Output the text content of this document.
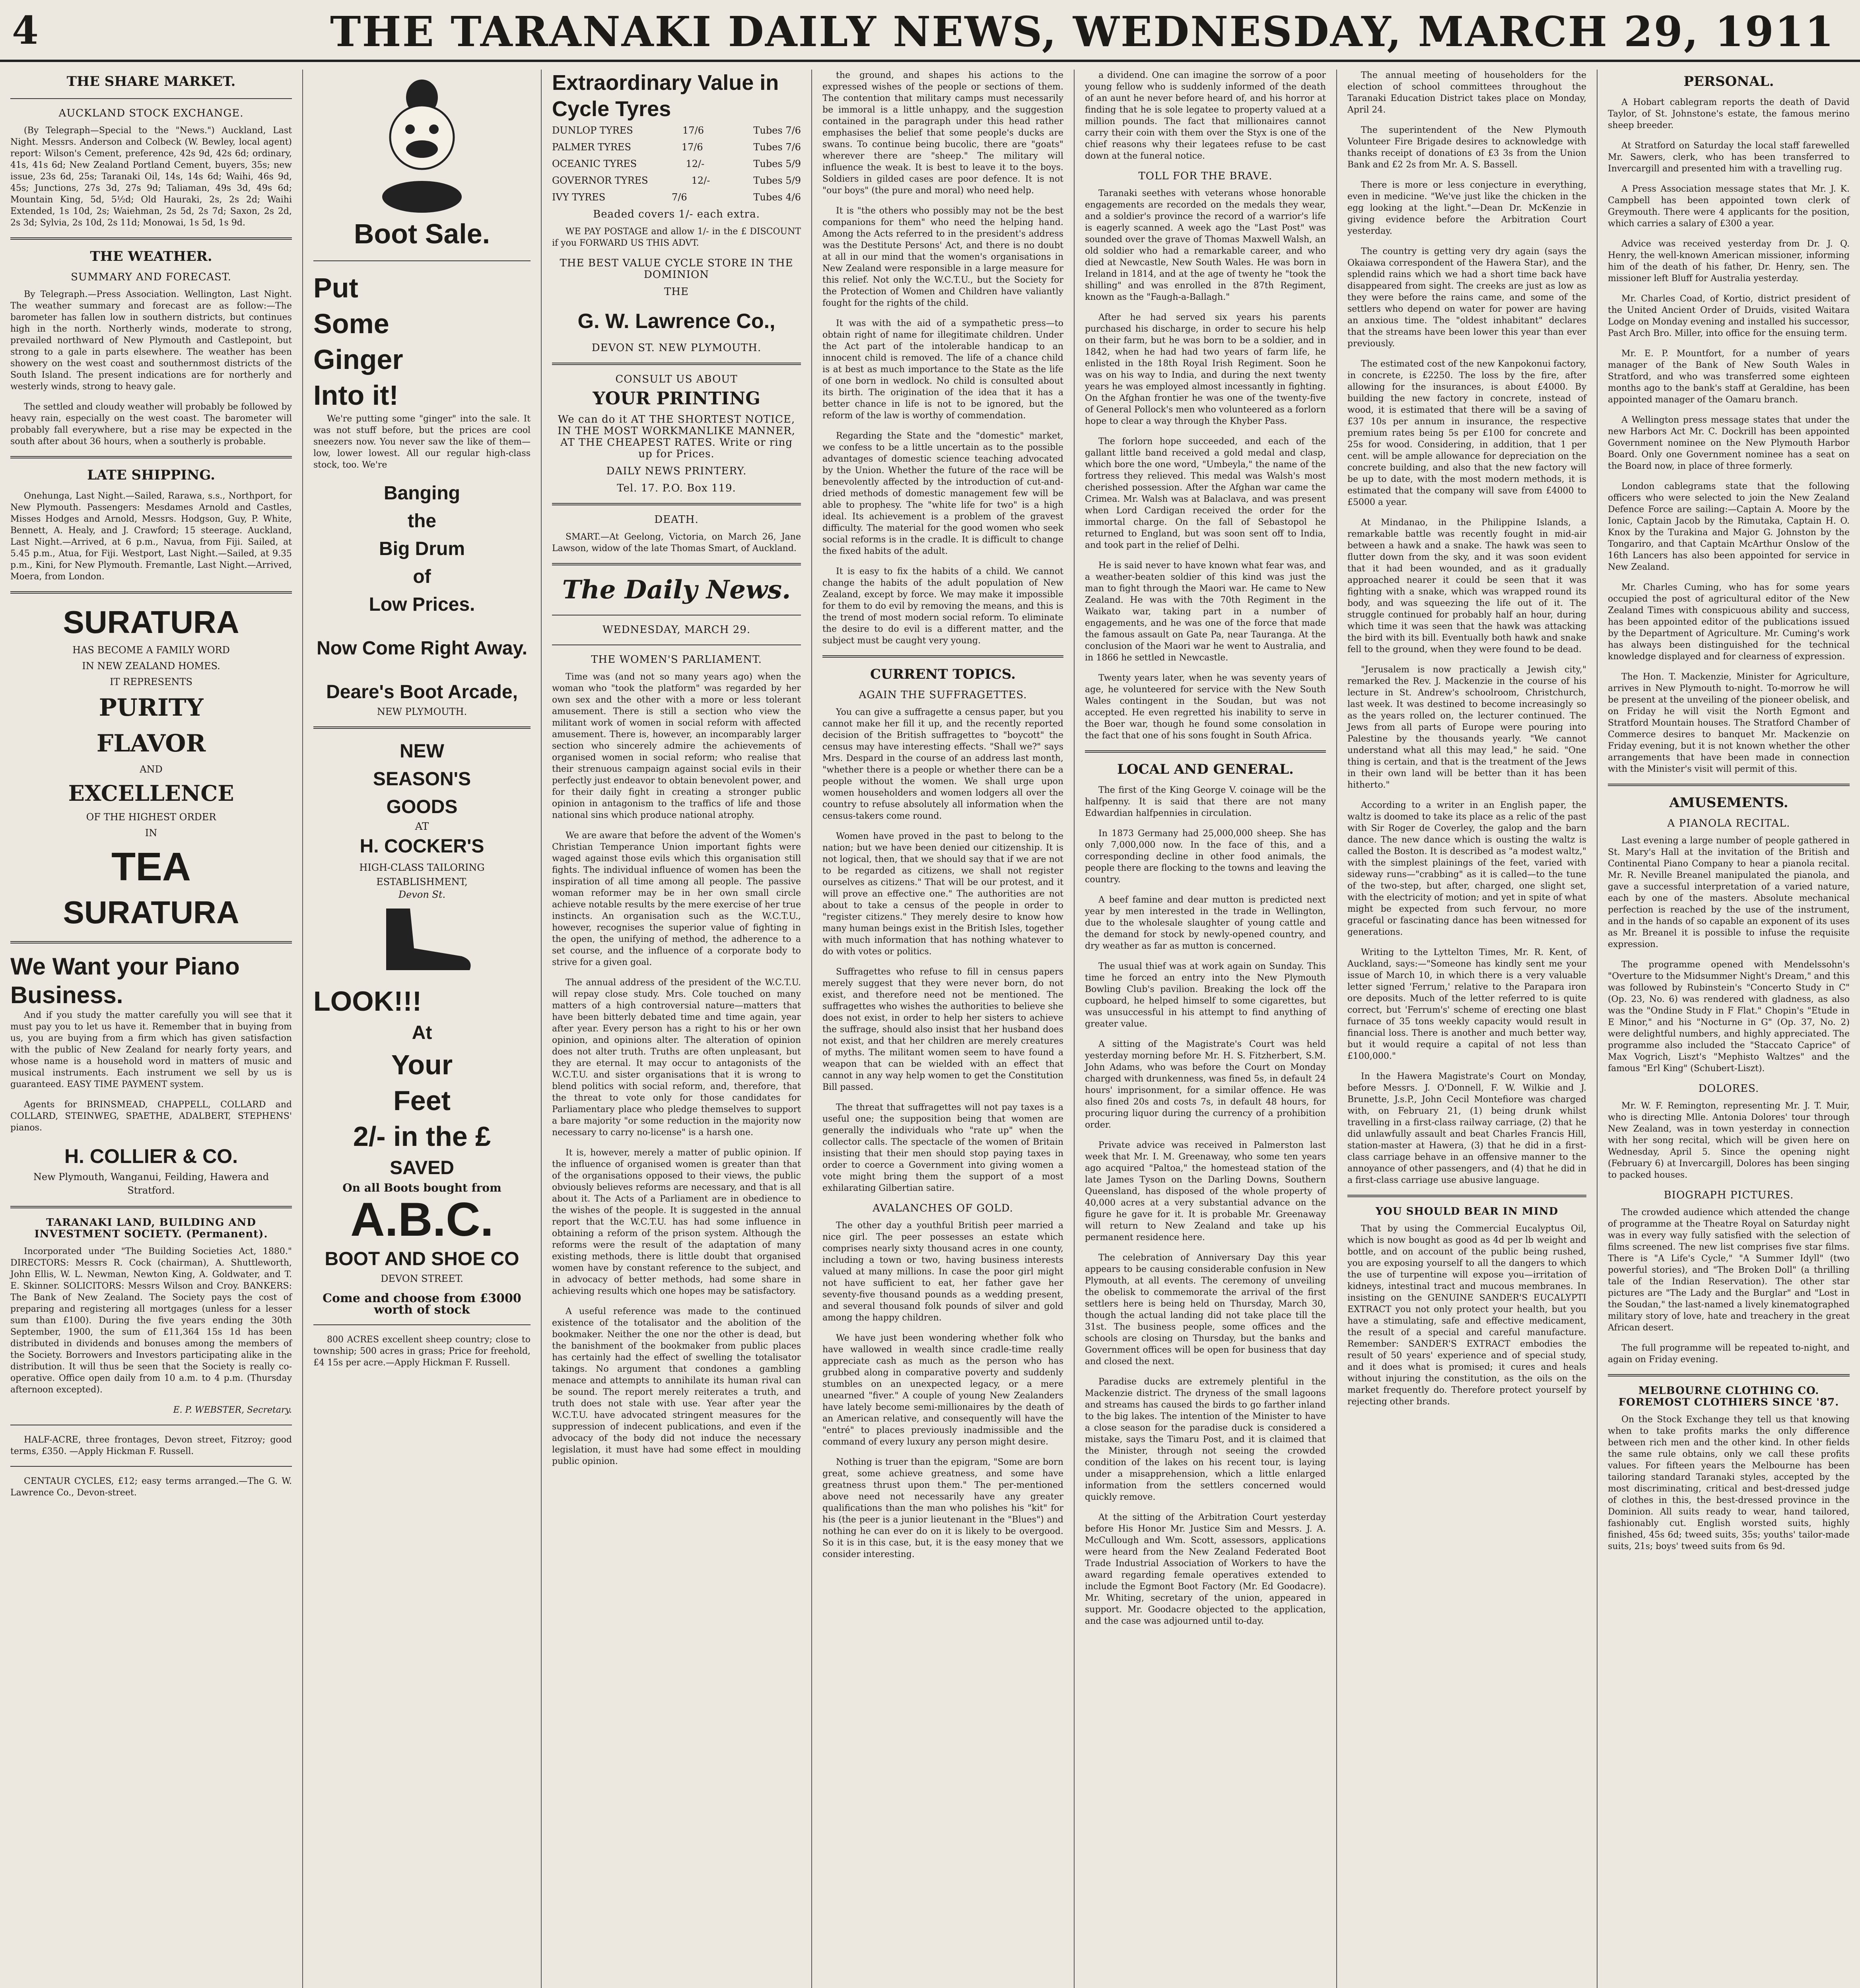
4	THE TARANAKI DAILY NEWS, WEDNESDAY, MARCH 29, 1911
THE SHARE MARKET.
AUCKLAND STOCK EXCHANGE.

(By Telegraph—Special to the "News.") Auckland, Last Night. Messrs. Anderson and Colbeck (W. Bewley, local agent) report: Wilson's Cement, preference, 42s 9d, 42s 6d; ordinary, 41s, 41s 6d; New Zealand Portland Cement, buyers, 35s; new issue, 23s 6d, 25s; Taranaki Oil, 14s, 14s 6d; Waihi, 46s 9d, 45s; Junctions, 27s 3d, 27s 9d; Taliaman, 49s 3d, 49s 6d; Mountain King, 5d, 5½d; Old Hauraki, 2s, 2s 2d; Waihi Extended, 1s 10d, 2s; Waiehman, 2s 5d, 2s 7d; Saxon, 2s 2d, 2s 3d; Sylvia, 2s 10d, 2s 11d; Monowai, 1s 5d, 1s 9d.

THE WEATHER.
SUMMARY AND FORECAST.

By Telegraph.—Press Association. Wellington, Last Night. The weather summary and forecast are as follow:—The barometer has fallen low in southern districts, but continues high in the north. Northerly winds, moderate to strong, prevailed northward of New Plymouth and Castlepoint, but strong to a gale in parts elsewhere. The weather has been showery on the west coast and southernmost districts of the South Island. The present indications are for northerly and westerly winds, strong to heavy gale.

The settled and cloudy weather will probably be followed by heavy rain, especially on the west coast. The barometer will probably fall everywhere, but a rise may be expected in the south after about 36 hours, when a southerly is probable.

LATE SHIPPING.

Onehunga, Last Night.—Sailed, Rarawa, s.s., Northport, for New Plymouth. Passengers: Mesdames Arnold and Castles, Misses Hodges and Arnold, Messrs. Hodgson, Guy, P. White, Bennett, A. Healy, and J. Crawford; 15 steerage. Auckland, Last Night.—Arrived, at 6 p.m., Navua, from Fiji. Sailed, at 5.45 p.m., Atua, for Fiji. Westport, Last Night.—Sailed, at 9.35 p.m., Kini, for New Plymouth. Fremantle, Last Night.—Arrived, Moera, from London.

SURATURA
HAS BECOME A FAMILY WORD
IN NEW ZEALAND HOMES.
IT REPRESENTS
PURITY
FLAVOR
AND
EXCELLENCE
OF THE HIGHEST ORDER
IN
TEA
SURATURA
We Want your Piano Business.

And if you study the matter carefully you will see that it must pay you to let us have it. Remember that in buying from us, you are buying from a firm which has given satisfaction with the public of New Zealand for nearly forty years, and whose name is a household word in matters of music and musical instruments. Each instrument we sell by us is guaranteed. EASY TIME PAYMENT system.

Agents for BRINSMEAD, CHAPPELL, COLLARD and COLLARD, STEINWEG, SPAETHE, ADALBERT, STEPHENS' pianos.

H. COLLIER & CO.
New Plymouth, Wanganui, Feilding, Hawera and Stratford.
TARANAKI LAND, BUILDING AND INVESTMENT SOCIETY. (Permanent).

Incorporated under "The Building Societies Act, 1880." DIRECTORS: Messrs R. Cock (chairman), A. Shuttleworth, John Ellis, W. L. Newman, Newton King, A. Goldwater, and T. E. Skinner. SOLICITORS: Messrs Wilson and Croy. BANKERS: The Bank of New Zealand. The Society pays the cost of preparing and registering all mortgages (unless for a lesser sum than £100). During the five years ending the 30th September, 1900, the sum of £11,364 15s 1d has been distributed in dividends and bonuses among the members of the Society. Borrowers and Investors participating alike in the distribution. It will thus be seen that the Society is really co-operative. Office open daily from 10 a.m. to 4 p.m. (Thursday afternoon excepted).

E. P. WEBSTER, Secretary.

HALF-ACRE, three frontages, Devon street, Fitzroy; good terms, £350. —Apply Hickman F. Russell.

CENTAUR CYCLES, £12; easy terms arranged.—The G. W. Lawrence Co., Devon-street.

Boot Sale.
Put
Some
Ginger
Into it!

We're putting some "ginger" into the sale. It was not stuff before, but the prices are cool sneezers now. You never saw the like of them—low, lower lowest. All our regular high-class stock, too. We're

Banging
the
Big Drum
of
Low Prices.
Now Come Right Away.
Deare's Boot Arcade,
NEW PLYMOUTH.
NEW
SEASON'S
GOODS
AT
H. COCKER'S
HIGH-CLASS TAILORING ESTABLISHMENT,
Devon St.
LOOK!!!
At
Your
Feet
2/- in the £
SAVED
On all Boots bought from
A.B.C.
BOOT AND SHOE CO
DEVON STREET.
Come and choose from £3000 worth of stock

800 ACRES excellent sheep country; close to township; 500 acres in grass; Price for freehold, £4 15s per acre.—Apply Hickman F. Russell.

Extraordinary Value in Cycle Tyres
DUNLOP TYRES	17/6	Tubes 7/6
PALMER TYRES	17/6	Tubes 7/6
OCEANIC TYRES	12/-	Tubes 5/9
GOVERNOR TYRES	12/-	Tubes 5/9
IVY TYRES	7/6	Tubes 4/6
Beaded covers 1/- each extra.

WE PAY POSTAGE and allow 1/- in the £ DISCOUNT if you FORWARD US THIS ADVT.

THE BEST VALUE CYCLE STORE IN THE DOMINION
THE
G. W. Lawrence Co.,
DEVON ST. NEW PLYMOUTH.
CONSULT US ABOUT
YOUR PRINTING
We can do it AT THE SHORTEST NOTICE, IN THE MOST WORKMANLIKE MANNER, AT THE CHEAPEST RATES. Write or ring up for Prices.
DAILY NEWS PRINTERY.
Tel. 17. P.O. Box 119.
DEATH.

SMART.—At Geelong, Victoria, on March 26, Jane Lawson, widow of the late Thomas Smart, of Auckland.

The Daily News.
WEDNESDAY, MARCH 29.
THE WOMEN'S PARLIAMENT.

Time was (and not so many years ago) when the woman who "took the platform" was regarded by her own sex and the other with a more or less tolerant amusement. There is still a section who view the militant work of women in social reform with affected amusement. There is, however, an incomparably larger section who sincerely admire the achievements of organised women in social reform; who realise that their strenuous campaign against social evils in their perfectly just endeavor to obtain benevolent power, and for their daily fight in creating a stronger public opinion in antagonism to the traffics of life and those national sins which produce national atrophy.

We are aware that before the advent of the Women's Christian Temperance Union important fights were waged against those evils which this organisation still fights. The individual influence of women has been the inspiration of all time among all people. The passive woman reformer may be in her own small circle achieve notable results by the mere exercise of her true instincts. An organisation such as the W.C.T.U., however, recognises the superior value of fighting in the open, the unifying of method, the adherence to a set course, and the influence of a corporate body to strive for a given goal.

The annual address of the president of the W.C.T.U. will repay close study. Mrs. Cole touched on many matters of a high controversial nature—matters that have been bitterly debated time and time again, year after year. Every person has a right to his or her own opinion, and opinions alter. The alteration of opinion does not alter truth. Truths are often unpleasant, but they are eternal. It may occur to antagonists of the W.C.T.U. and sister organisations that it is wrong to blend politics with social reform, and, therefore, that the threat to vote only for those candidates for Parliamentary place who pledge themselves to support a bare majority "or some reduction in the majority now necessary to carry no-license" is a harsh one.

It is, however, merely a matter of public opinion. If the influence of organised women is greater than that of the organisations opposed to their views, the public obviously believes reforms are necessary, and that is all about it. The Acts of a Parliament are in obedience to the wishes of the people. It is suggested in the annual report that the W.C.T.U. has had some influence in obtaining a reform of the prison system. Although the reforms were the result of the adaptation of many existing methods, there is little doubt that organised women have by constant reference to the subject, and in advocacy of better methods, had some share in achieving results which one hopes may be satisfactory.

A useful reference was made to the continued existence of the totalisator and the abolition of the bookmaker. Neither the one nor the other is dead, but the banishment of the bookmaker from public places has certainly had the effect of swelling the totalisator takings. No argument that condones a gambling menace and attempts to annihilate its human rival can be sound. The report merely reiterates a truth, and truth does not stale with use. Year after year the W.C.T.U. have advocated stringent measures for the suppression of indecent publications, and even if the advocacy of the body did not induce the necessary legislation, it must have had some effect in moulding public opinion.

the ground, and shapes his actions to the expressed wishes of the people or sections of them. The contention that military camps must necessarily be immoral is a little unhappy, and the suggestion contained in the paragraph under this head rather emphasises the belief that some people's ducks are swans. To continue being bucolic, there are "goats" wherever there are "sheep." The military will influence the weak. It is best to leave it to the boys. Soldiers in gilded cases are poor defence. It is not "our boys" (the pure and moral) who need help.

It is "the others who possibly may not be the best companions for them" who need the helping hand. Among the Acts referred to in the president's address was the Destitute Persons' Act, and there is no doubt at all in our mind that the women's organisations in New Zealand were responsible in a large measure for this relief. Not only the W.C.T.U., but the Society for the Protection of Women and Children have valiantly fought for the rights of the child.

It was with the aid of a sympathetic press—to obtain right of name for illegitimate children. Under the Act part of the intolerable handicap to an innocent child is removed. The life of a chance child is at best as much importance to the State as the life of one born in wedlock. No child is consulted about its birth. The origination of the idea that it has a better chance in life is not to be ignored, but the reform of the law is worthy of commendation.

Regarding the State and the "domestic" market, we confess to be a little uncertain as to the possible advantages of domestic science teaching advocated by the Union. Whether the future of the race will be benevolently affected by the introduction of cut-and-dried methods of domestic management few will be able to prophesy. The "white life for two" is a high ideal. Its achievement is a problem of the gravest difficulty. The material for the good women who seek social reforms is in the cradle. It is difficult to change the fixed habits of the adult.

It is easy to fix the habits of a child. We cannot change the habits of the adult population of New Zealand, except by force. We may make it impossible for them to do evil by removing the means, and this is the trend of most modern social reform. To eliminate the desire to do evil is a different matter, and the subject must be caught very young.

CURRENT TOPICS.
AGAIN THE SUFFRAGETTES.

You can give a suffragette a census paper, but you cannot make her fill it up, and the recently reported decision of the British suffragettes to "boycott" the census may have interesting effects. "Shall we?" says Mrs. Despard in the course of an address last month, "whether there is a people or whether there can be a people without the women. We shall urge upon women householders and women lodgers all over the country to refuse absolutely all information when the census-takers come round.

Women have proved in the past to belong to the nation; but we have been denied our citizenship. It is not logical, then, that we should say that if we are not to be regarded as citizens, we shall not register ourselves as citizens." That will be our protest, and it will prove an effective one." The authorities are not about to take a census of the people in order to "register citizens." They merely desire to know how many human beings exist in the British Isles, together with much information that has nothing whatever to do with votes or politics.

Suffragettes who refuse to fill in census papers merely suggest that they were never born, do not exist, and therefore need not be mentioned. The suffragettes who wishes the authorities to believe she does not exist, in order to help her sisters to achieve the suffrage, should also insist that her husband does not exist, and that her children are merely creatures of myths. The militant women seem to have found a weapon that can be wielded with an effect that cannot in any way help women to get the Constitution Bill passed.

The threat that suffragettes will not pay taxes is a useful one; the supposition being that women are generally the individuals who "rate up" when the collector calls. The spectacle of the women of Britain insisting that their men should stop paying taxes in order to coerce a Government into giving women a vote might bring them the support of a most exhilarating Gilbertian satire.

AVALANCHES OF GOLD.

The other day a youthful British peer married a nice girl. The peer possesses an estate which comprises nearly sixty thousand acres in one county, including a town or two, having business interests valued at many millions. In case the poor girl might not have sufficient to eat, her father gave her seventy-five thousand pounds as a wedding present, and several thousand folk pounds of silver and gold among the happy children.

We have just been wondering whether folk who have wallowed in wealth since cradle-time really appreciate cash as much as the person who has grubbed along in comparative poverty and suddenly stumbles on an unexpected legacy, or a mere unearned "fiver." A couple of young New Zealanders have lately become semi-millionaires by the death of an American relative, and consequently will have the "entré" to places previously inadmissible and the command of every luxury any person might desire.

Nothing is truer than the epigram, "Some are born great, some achieve greatness, and some have greatness thrust upon them." The per-mentioned above need not necessarily have any greater qualifications than the man who polishes his "kit" for his (the peer is a junior lieutenant in the "Blues") and nothing he can ever do on it is likely to be overgood. So it is in this case, but, it is the easy money that we consider interesting.

a dividend. One can imagine the sorrow of a poor young fellow who is suddenly informed of the death of an aunt he never before heard of, and his horror at finding that he is sole legatee to property valued at a million pounds. The fact that millionaires cannot carry their coin with them over the Styx is one of the chief reasons why their legatees refuse to be cast down at the funeral notice.

TOLL FOR THE BRAVE.

Taranaki seethes with veterans whose honorable engagements are recorded on the medals they wear, and a soldier's province the record of a warrior's life is eagerly scanned. A week ago the "Last Post" was sounded over the grave of Thomas Maxwell Walsh, an old soldier who had a remarkable career, and who died at Newcastle, New South Wales. He was born in Ireland in 1814, and at the age of twenty he "took the shilling" and was enrolled in the 87th Regiment, known as the "Faugh-a-Ballagh."

After he had served six years his parents purchased his discharge, in order to secure his help on their farm, but he was born to be a soldier, and in 1842, when he had had two years of farm life, he enlisted in the 18th Royal Irish Regiment. Soon he was on his way to India, and during the next twenty years he was employed almost incessantly in fighting. On the Afghan frontier he was one of the twenty-five of General Pollock's men who volunteered as a forlorn hope to clear a way through the Khyber Pass.

The forlorn hope succeeded, and each of the gallant little band received a gold medal and clasp, which bore the one word, "Umbeyla," the name of the fortress they relieved. This medal was Walsh's most cherished possession. After the Afghan war came the Crimea. Mr. Walsh was at Balaclava, and was present when Lord Cardigan received the order for the immortal charge. On the fall of Sebastopol he returned to England, but was soon sent off to India, and took part in the relief of Delhi.

He is said never to have known what fear was, and a weather-beaten soldier of this kind was just the man to fight through the Maori war. He came to New Zealand. He was with the 70th Regiment in the Waikato war, taking part in a number of engagements, and he was one of the force that made the famous assault on Gate Pa, near Tauranga. At the conclusion of the Maori war he went to Australia, and in 1866 he settled in Newcastle.

Twenty years later, when he was seventy years of age, he volunteered for service with the New South Wales contingent in the Soudan, but was not accepted. He even regretted his inability to serve in the Boer war, though he found some consolation in the fact that one of his sons fought in South Africa.

LOCAL AND GENERAL.

The first of the King George V. coinage will be the halfpenny. It is said that there are not many Edwardian halfpennies in circulation.

In 1873 Germany had 25,000,000 sheep. She has only 7,000,000 now. In the face of this, and a corresponding decline in other food animals, the people there are flocking to the towns and leaving the country.

A beef famine and dear mutton is predicted next year by men interested in the trade in Wellington, due to the wholesale slaughter of young cattle and the demand for stock by newly-opened country, and dry weather as far as mutton is concerned.

The usual thief was at work again on Sunday. This time he forced an entry into the New Plymouth Bowling Club's pavilion. Breaking the lock off the cupboard, he helped himself to some cigarettes, but was unsuccessful in his attempt to find anything of greater value.

A sitting of the Magistrate's Court was held yesterday morning before Mr. H. S. Fitzherbert, S.M. John Adams, who was before the Court on Monday charged with drunkenness, was fined 5s, in default 24 hours' imprisonment, for a similar offence. He was also fined 20s and costs 7s, in default 48 hours, for procuring liquor during the currency of a prohibition order.

Private advice was received in Palmerston last week that Mr. I. M. Greenaway, who some ten years ago acquired "Paltoa," the homestead station of the late James Tyson on the Darling Downs, Southern Queensland, has disposed of the whole property of 40,000 acres at a very substantial advance on the figure he gave for it. It is probable Mr. Greenaway will return to New Zealand and take up his permanent residence here.

The celebration of Anniversary Day this year appears to be causing considerable confusion in New Plymouth, at all events. The ceremony of unveiling the obelisk to commemorate the arrival of the first settlers here is being held on Thursday, March 30, though the actual landing did not take place till the 31st. The business people, some offices and the schools are closing on Thursday, but the banks and Government offices will be open for business that day and closed the next.

Paradise ducks are extremely plentiful in the Mackenzie district. The dryness of the small lagoons and streams has caused the birds to go farther inland to the big lakes. The intention of the Minister to have a close season for the paradise duck is considered a mistake, says the Timaru Post, and it is claimed that the Minister, through not seeing the crowded condition of the lakes on his recent tour, is laying under a misapprehension, which a little enlarged information from the settlers concerned would quickly remove.

At the sitting of the Arbitration Court yesterday before His Honor Mr. Justice Sim and Messrs. J. A. McCullough and Wm. Scott, assessors, applications were heard from the New Zealand Federated Boot Trade Industrial Association of Workers to have the award regarding female operatives extended to include the Egmont Boot Factory (Mr. Ed Goodacre). Mr. Whiting, secretary of the union, appeared in support. Mr. Goodacre objected to the application, and the case was adjourned until to-day.

The annual meeting of householders for the election of school committees throughout the Taranaki Education District takes place on Monday, April 24.

The superintendent of the New Plymouth Volunteer Fire Brigade desires to acknowledge with thanks receipt of donations of £3 3s from the Union Bank and £2 2s from Mr. A. S. Bassell.

There is more or less conjecture in everything, even in medicine. "We've just like the chicken in the egg looking at the light."—Dean Dr. McKenzie in giving evidence before the Arbitration Court yesterday.

The country is getting very dry again (says the Okaiawa correspondent of the Hawera Star), and the splendid rains which we had a short time back have disappeared from sight. The creeks are just as low as they were before the rains came, and some of the settlers who depend on water for power are having an anxious time. The "oldest inhabitant" declares that the streams have been lower this year than ever previously.

The estimated cost of the new Kanpokonui factory, in concrete, is £2250. The loss by the fire, after allowing for the insurances, is about £4000. By building the new factory in concrete, instead of wood, it is estimated that there will be a saving of £37 10s per annum in insurance, the respective premium rates being 5s per £100 for concrete and 25s for wood. Considering, in addition, that 1 per cent. will be ample allowance for depreciation on the concrete building, and also that the new factory will be up to date, with the most modern methods, it is estimated that the company will save from £4000 to £5000 a year.

At Mindanao, in the Philippine Islands, a remarkable battle was recently fought in mid-air between a hawk and a snake. The hawk was seen to flutter down from the sky, and it was soon evident that it had been wounded, and as it gradually approached nearer it could be seen that it was fighting with a snake, which was wrapped round its body, and was squeezing the life out of it. The struggle continued for probably half an hour, during which time it was seen that the hawk was attacking the bird with its bill. Eventually both hawk and snake fell to the ground, when they were found to be dead.

"Jerusalem is now practically a Jewish city," remarked the Rev. J. Mackenzie in the course of his lecture in St. Andrew's schoolroom, Christchurch, last week. It was destined to become increasingly so as the years rolled on, the lecturer continued. The Jews from all parts of Europe were pouring into Palestine by the thousands yearly. "We cannot understand what all this may lead," he said. "One thing is certain, and that is the treatment of the Jews in their own land will be better than it has been hitherto."

According to a writer in an English paper, the waltz is doomed to take its place as a relic of the past with Sir Roger de Coverley, the galop and the barn dance. The new dance which is ousting the waltz is called the Boston. It is described as "a modest waltz," with the simplest plainings of the feet, varied with sideway runs—"crabbing" as it is called—to the tune of the two-step, but after, charged, one slight set, with the electricity of motion; and yet in spite of what might be expected from such fervour, no more graceful or fascinating dance has been witnessed for generations.

Writing to the Lyttelton Times, Mr. R. Kent, of Auckland, says:—"Someone has kindly sent me your issue of March 10, in which there is a very valuable letter signed 'Ferrum,' relative to the Parapara iron ore deposits. Much of the letter referred to is quite correct, but 'Ferrum's' scheme of erecting one blast furnace of 35 tons weekly capacity would result in financial loss. There is another and much better way, but it would require a capital of not less than £100,000."

In the Hawera Magistrate's Court on Monday, before Messrs. J. O'Donnell, F. W. Wilkie and J. Brunette, J.s.P., John Cecil Montefiore was charged with, on February 21, (1) being drunk whilst travelling in a first-class railway carriage, (2) that he did unlawfully assault and beat Charles Francis Hill, station-master at Hawera, (3) that he did in a first-class carriage behave in an offensive manner to the annoyance of other passengers, and (4) that he did in a first-class carriage use abusive language.

YOU SHOULD BEAR IN MIND

That by using the Commercial Eucalyptus Oil, which is now bought as good as 4d per lb weight and bottle, and on account of the public being rushed, you are exposing yourself to all the dangers to which the use of turpentine will expose you—irritation of kidneys, intestinal tract and mucous membranes. In insisting on the GENUINE SANDER'S EUCALYPTI EXTRACT you not only protect your health, but you have a stimulating, safe and effective medicament, the result of a special and careful manufacture. Remember: SANDER'S EXTRACT embodies the result of 50 years' experience and of special study, and it does what is promised; it cures and heals without injuring the constitution, as the oils on the market frequently do. Therefore protect yourself by rejecting other brands.

PERSONAL.

A Hobart cablegram reports the death of David Taylor, of St. Johnstone's estate, the famous merino sheep breeder.

At Stratford on Saturday the local staff farewelled Mr. Sawers, clerk, who has been transferred to Invercargill and presented him with a travelling rug.

A Press Association message states that Mr. J. K. Campbell has been appointed town clerk of Greymouth. There were 4 applicants for the position, which carries a salary of £300 a year.

Advice was received yesterday from Dr. J. Q. Henry, the well-known American missioner, informing him of the death of his father, Dr. Henry, sen. The missioner left Bluff for Australia yesterday.

Mr. Charles Coad, of Kortio, district president of the United Ancient Order of Druids, visited Waitara Lodge on Monday evening and installed his successor, Past Arch Bro. Miller, into office for the ensuing term.

Mr. E. P. Mountfort, for a number of years manager of the Bank of New South Wales in Stratford, and who was transferred some eighteen months ago to the bank's staff at Geraldine, has been appointed manager of the Oamaru branch.

A Wellington press message states that under the new Harbors Act Mr. C. Dockrill has been appointed Government nominee on the New Plymouth Harbor Board. Only one Government nominee has a seat on the Board now, in place of three formerly.

London cablegrams state that the following officers who were selected to join the New Zealand Defence Force are sailing:—Captain A. Moore by the Ionic, Captain Jacob by the Rimutaka, Captain H. O. Knox by the Turakina and Major G. Johnston by the Tongariro, and that Captain McArthur Onslow of the 16th Lancers has also been appointed for service in New Zealand.

Mr. Charles Cuming, who has for some years occupied the post of agricultural editor of the New Zealand Times with conspicuous ability and success, has been appointed editor of the publications issued by the Department of Agriculture. Mr. Cuming's work has always been distinguished for the technical knowledge displayed and for clearness of expression.

The Hon. T. Mackenzie, Minister for Agriculture, arrives in New Plymouth to-night. To-morrow he will be present at the unveiling of the pioneer obelisk, and on Friday he will visit the North Egmont and Stratford Mountain houses. The Stratford Chamber of Commerce desires to banquet Mr. Mackenzie on Friday evening, but it is not known whether the other arrangements that have been made in connection with the Minister's visit will permit of this.

AMUSEMENTS.
A PIANOLA RECITAL.

Last evening a large number of people gathered in St. Mary's Hall at the invitation of the British and Continental Piano Company to hear a pianola recital. Mr. R. Neville Breanel manipulated the pianola, and gave a successful interpretation of a varied nature, each by one of the masters. Absolute mechanical perfection is reached by the use of the instrument, and in the hands of so capable an exponent of its uses as Mr. Breanel it is possible to infuse the requisite expression.

The programme opened with Mendelssohn's "Overture to the Midsummer Night's Dream," and this was followed by Rubinstein's "Concerto Study in C" (Op. 23, No. 6) was rendered with gladness, as also was the "Ondine Study in F Flat." Chopin's "Etude in E Minor," and his "Nocturne in G" (Op. 37, No. 2) were delightful numbers, and highly appreciated. The programme also included the "Staccato Caprice" of Max Vogrich, Liszt's "Mephisto Waltzes" and the famous "Erl King" (Schubert-Liszt).

DOLORES.

Mr. W. F. Remington, representing Mr. J. T. Muir, who is directing Mlle. Antonia Dolores' tour through New Zealand, was in town yesterday in connection with her song recital, which will be given here on Wednesday, April 5. Since the opening night (February 6) at Invercargill, Dolores has been singing to packed houses.

BIOGRAPH PICTURES.

The crowded audience which attended the change of programme at the Theatre Royal on Saturday night was in every way fully satisfied with the selection of films screened. The new list comprises five star films. There is "A Life's Cycle," "A Summer Idyll" (two powerful stories), and "The Broken Doll" (a thrilling tale of the Indian Reservation). The other star pictures are "The Lady and the Burglar" and "Lost in the Soudan," the last-named a lively kinematographed military story of love, hate and treachery in the great African desert.

The full programme will be repeated to-night, and again on Friday evening.

MELBOURNE CLOTHING CO. FOREMOST CLOTHIERS SINCE '87.

On the Stock Exchange they tell us that knowing when to take profits marks the only difference between rich men and the other kind. In other fields the same rule obtains, only we call these profits values. For fifteen years the Melbourne has been tailoring standard Taranaki styles, accepted by the most discriminating, critical and best-dressed judge of clothes in this, the best-dressed province in the Dominion. All suits ready to wear, hand tailored, fashionably cut. English worsted suits, highly finished, 45s 6d; tweed suits, 35s; youths' tailor-made suits, 21s; boys' tweed suits from 6s 9d.
